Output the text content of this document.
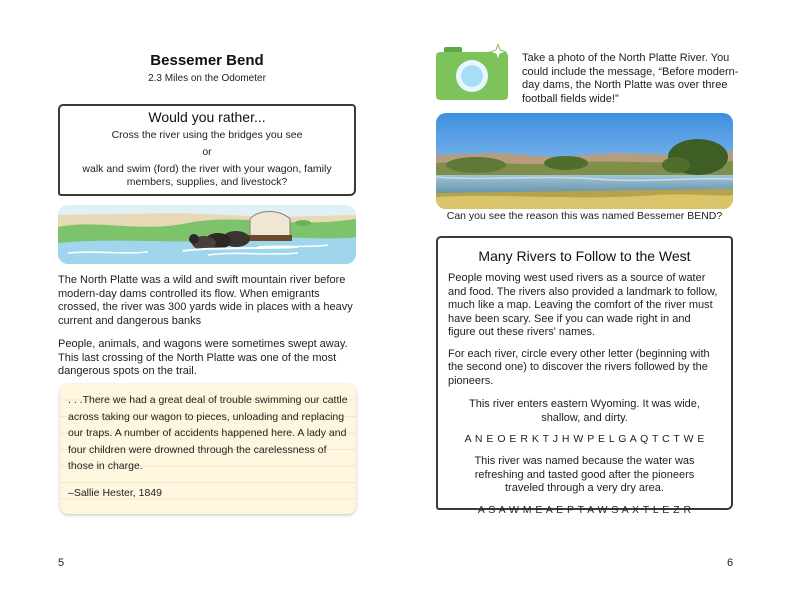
Bessemer Bend
2.3 Miles on the Odometer
Would you rather...
Cross the river using the bridges you see
or
walk and swim (ford) the river with your wagon, family members, supplies, and livestock?
The North Platte was a wild and swift mountain river before modern-day dams controlled its flow. When emigrants crossed, the river was 300 yards wide in places with a heavy current and dangerous banks
People, animals, and wagons were sometimes swept away. This last crossing of the North Platte was one of the most dangerous spots on the trail.
. . .There we had a great deal of trouble swimming our cattle across taking our wagon to pieces, unloading and replacing our traps. A number of accidents happened here. A lady and four children were drowned through the carelessness of those in charge.
–Sallie Hester, 1849
5
Take a photo of the North Platte River. You could include the message, “Before modern-day dams, the North Platte was over three football fields wide!”
Can you see the reason this was named Bessemer BEND?
Many Rivers to Follow to the West
People moving west used rivers as a source of water and food. The rivers also provided a landmark to follow, much like a map. Leaving the comfort of the river must have been scary. See if you can wade right in and figure out these rivers' names.
For each river, circle every other letter (beginning with the second one) to discover the rivers followed by the pioneers.
This river enters eastern Wyoming. It was wide, shallow, and dirty.
A N E O E R K T J H W P E L G A Q T C T W E
This river was named because the water was refreshing and tasted good after the pioneers traveled through a very dry area.
A S A W M E A E P T A W S A X T L E Z R
6
